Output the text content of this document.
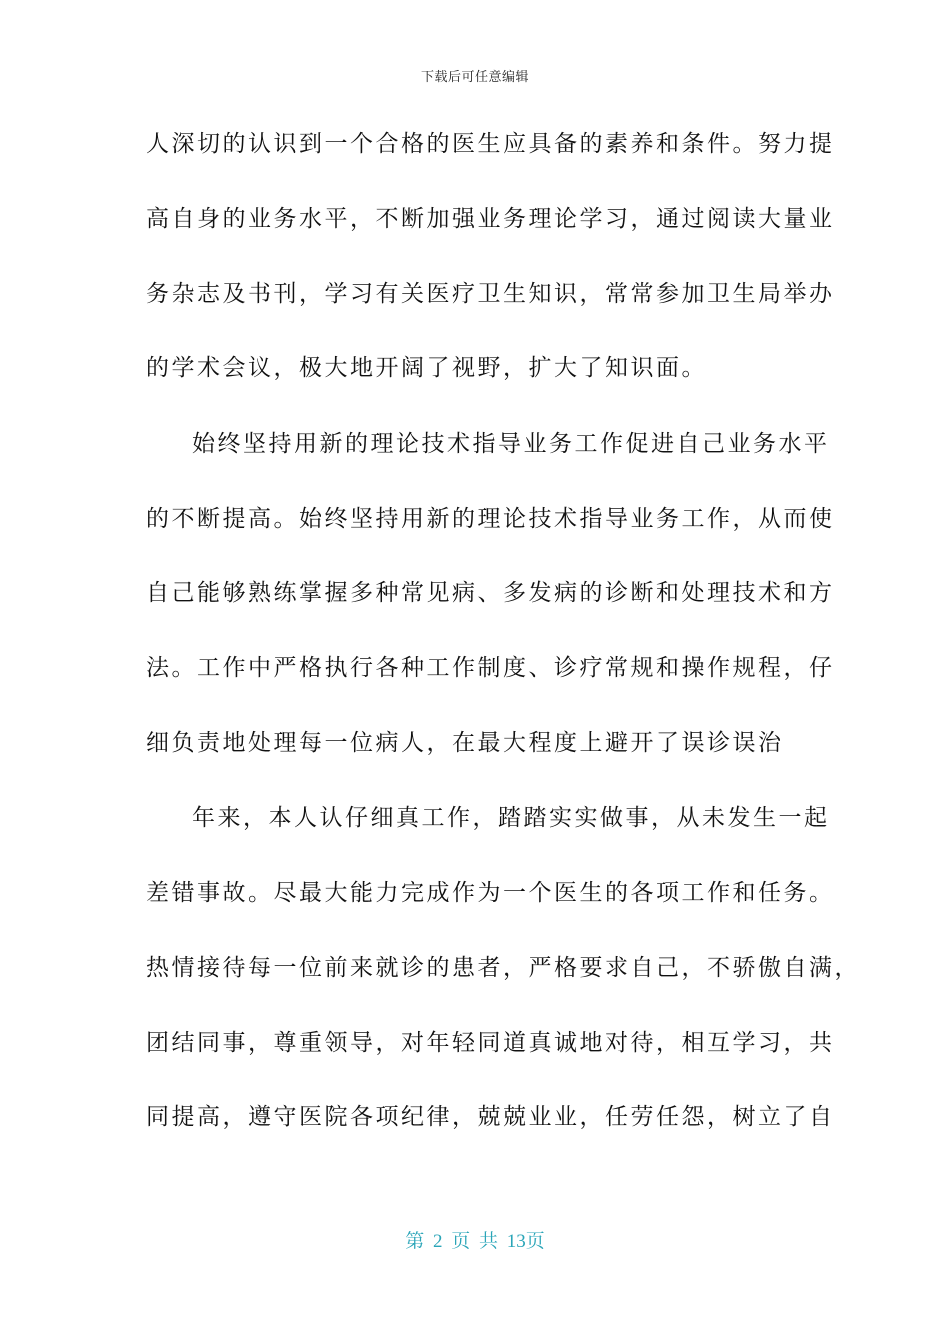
下载后可任意编辑
人深切的认识到一个合格的医生应具备的素养和条件。努力提
高自身的业务水平，不断加强业务理论学习，通过阅读大量业
务杂志及书刊，学习有关医疗卫生知识，常常参加卫生局举办
的学术会议，极大地开阔了视野，扩大了知识面。
始终坚持用新的理论技术指导业务工作促进自己业务水平
的不断提高。始终坚持用新的理论技术指导业务工作，从而使
自己能够熟练掌握多种常见病、多发病的诊断和处理技术和方
法。工作中严格执行各种工作制度、诊疗常规和操作规程，仔
细负责地处理每一位病人，在最大程度上避开了误诊误治
年来，本人认仔细真工作，踏踏实实做事，从未发生一起
差错事故。尽最大能力完成作为一个医生的各项工作和任务。
热情接待每一位前来就诊的患者，严格要求自己，不骄傲自满，
团结同事，尊重领导，对年轻同道真诚地对待，相互学习，共
同提高，遵守医院各项纪律，兢兢业业，任劳任怨，树立了自
第 2 页 共 13页
